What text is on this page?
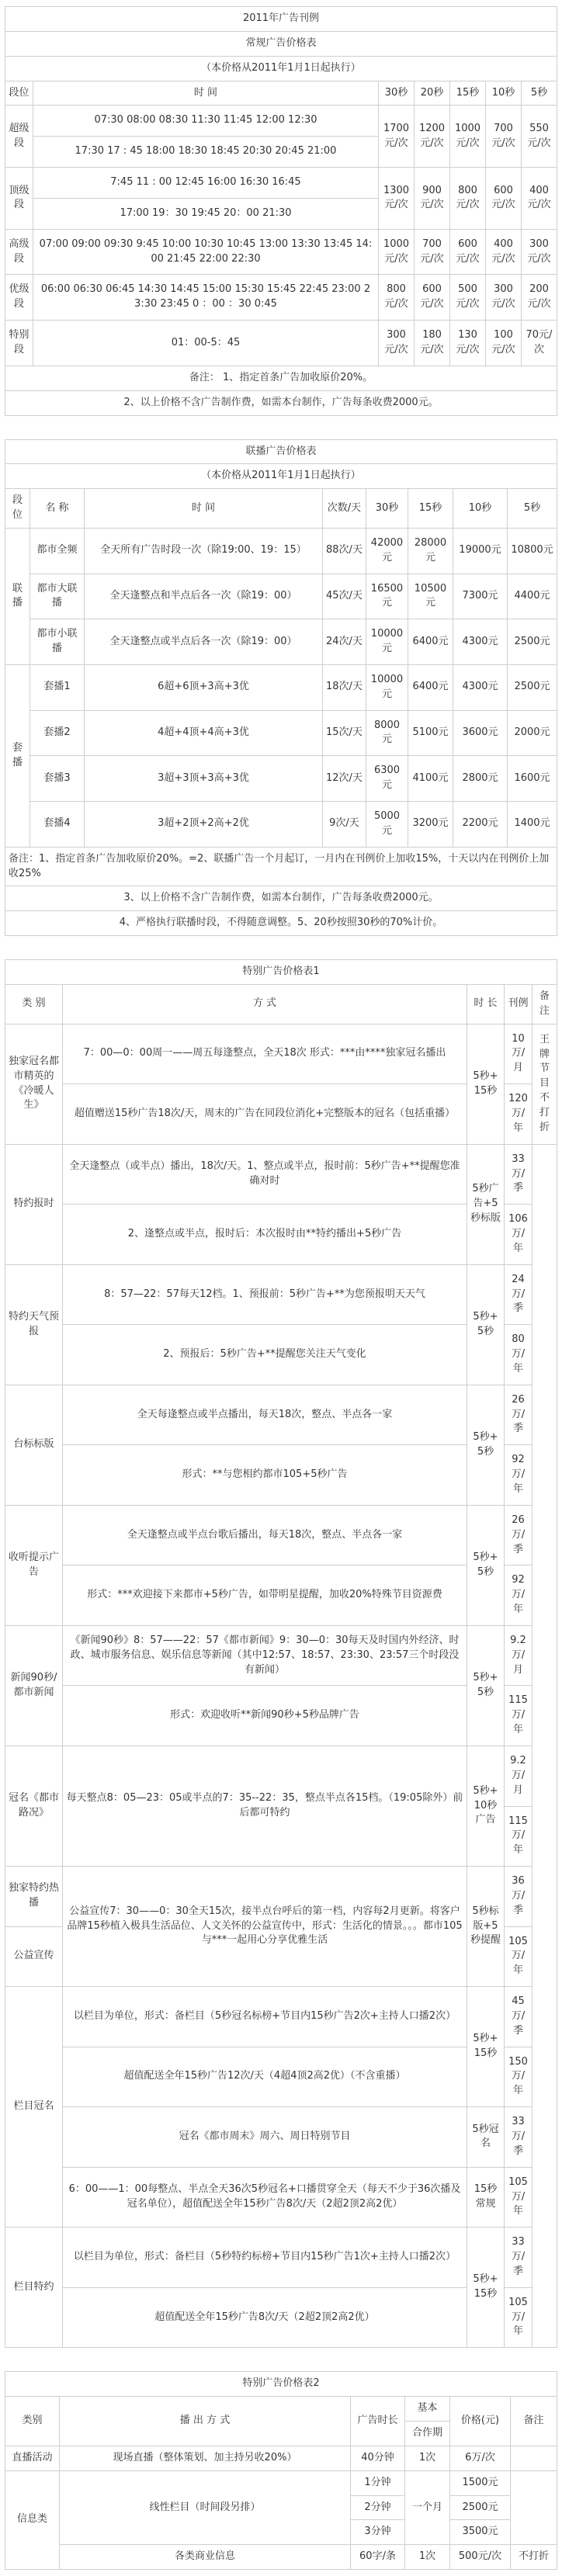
2011年广告刊例						
常规广告价格表						
（本价格从2011年1月1日起执行）						
段位	时 间	30秒	20秒	15秒	10秒	5秒
超级段	07:30 08:00 08:30 11:30 11:45 12:00 12:30	1700元/次	1200元/次	1000元/次	700元/次	550元/次
	17:30 17 : 45 18:00 18:30 18:45 20:30 20:45 21:00					
顶级段	7:45 11 : 00 12:45 16:00 16:30 16:45	1300元/次	900元/次	800元/次	600元/次	400元/次
	17:00 19：30 19:45 20：00 21:30					
高级段	07:00 09:00 09:30 9:45 10:00 10:30 10:45 13:00 13:30 13:45 14:00 21:45 22:00 22:30	1000元/次	700元/次	600元/次	400元/次	300元/次
优级段	06:00 06:30 06:45 14:30 14:45 15:00 15:30 15:45 22:45 23:00 23:30 23:45 0 ：00 ：30 0:45	800元/次	600元/次	500元/次	300元/次	200元/次
特别段	01：00-5：45	300元/次	180元/次	130元/次	100元/次	70元/次
备注： 1、指定首条广告加收原价20%。						
2、以上价格不含广告制作费，如需本台制作，广告每条收费2000元。						
联播广告价格表							
（本价格从2011年1月1日起执行）							
段位	名 称	时 间	次数/天	30秒	15秒	10秒	5秒
联播	都市全频	全天所有广告时段一次（除19:00、19：15）	88次/天	42000元	28000元	19000元	10800元
	都市大联播	全天逢整点和半点后各一次（除19：00）	45次/天	16500元	10500元	7300元	4400元
	都市小联播	全天逢整点或半点后各一次（除19：00）	24次/天	10000元	6400元	4300元	2500元
套播	套播1	6超+6顶+3高+3优	18次/天	10000元	6400元	4300元	2500元
	套播2	4超+4顶+4高+3优	15次/天	8000元	5100元	3600元	2000元
	套播3	3超+3顶+3高+3优	12次/天	6300元	4100元	2800元	1600元
	套播4	3超+2顶+2高+2优	9次/天	5000元	3200元	2200元	1400元
备注：1、指定首条广告加收原价20%。=2、联播广告一个月起订，一月内在刊例价上加收15%，十天以内在刊例价上加收25%							
3、以上价格不含广告制作费，如需本台制作，广告每条收费2000元。							
4、严格执行联播时段，不得随意调整。5、20秒按照30秒的70%计价。							
特别广告价格表1				
类 别	方 式	时 长	刊例	备注
独家冠名都市精英的《冷暖人生》	7：00—0：00周一——周五每逢整点，全天18次 形式：***由****独家冠名播出	5秒+15秒	10万/月	王牌节目不打折
	超值赠送15秒广告18次/天，周末的广告在同段位消化+完整版本的冠名（包括重播）		120万/年	
特约报时	全天逢整点（或半点）播出，18次/天。1、整点或半点，报时前：5秒广告+**提醒您准确对时	5秒广告+5秒标版	33万/季	
	2、逢整点或半点，报时后：本次报时由**特约播出+5秒广告		106万/年	
特约天气预报	8：57—22：57每天12档。1、预报前：5秒广告+**为您预报明天天气	5秒+5秒	24万/季	
	2、预报后：5秒广告+**提醒您关注天气变化		80万/年	
台标标版	全天每逢整点或半点播出，每天18次，整点、半点各一家	5秒+5秒	26万/季	
	形式：**与您相约都市105+5秒广告		92万/年	
收听提示广告	全天逢整点或半点台歌后播出，每天18次，整点、半点各一家	5秒+5秒	26万/季	
	形式：***欢迎接下来都市+5秒广告，如带明星提醒，加收20%特殊节目资源费		92万/年	
新闻90秒/都市新闻	《新闻90秒》8：57——22：57《都市新闻》9：30—0：30每天及时国内外经济、时政、城市服务信息、娱乐信息等新闻（其中12:57、18:57、23:30、23:57三个时段没有新闻）	5秒+5秒	9.2万/月	
	形式：欢迎收听**新闻90秒+5秒品牌广告		115万/年	
冠名《都市路况》	每天整点8：05—23：05或半点的7：35--22：35，整点半点各15档。（19:05除外）前后都可特约	5秒+10秒广告	9.2万/月	
			115万/年	
独家特约热播	公益宣传7：30——0：30全天15次，接半点台呼后的第一档，内容每2月更新。将客户品牌15秒植入极具生活品位、人文关怀的公益宣传中，形式：生活化的情景。。。都市105与***一起用心分享优雅生活	5秒标版+5秒提醒	36万/季	
公益宣传			105万/年	
栏目冠名	以栏目为单位，形式：备栏目（5秒冠名标榜+节目内15秒广告2次+主持人口播2次）	5秒+15秒	45万/季	
	超值配送全年15秒广告12次/天（4超4顶2高2优）（不含重播）		150万/年	
	冠名《都市周末》周六、周日特别节目	5秒冠名	33万/季	
	6：00——1：00每整点、半点全天36次5秒冠名+口播贯穿全天（每天不少于36次播及冠名单位），超值配送全年15秒广告8次/天（2超2顶2高2优）	15秒常规	105万/年	
栏目特约	以栏目为单位，形式：备栏目（5秒特约标榜+节目内15秒广告1次+主持人口播2次）	5秒+15秒	33万/季	
	超值配送全年15秒广告8次/天（2超2顶2高2优）		105万/年	
特别广告价格表2					
类别	播 出 方 式	广告时长	基本	价格(元)	备注
			合作期		
直播活动	现场直播（整体策划、加主持另收20%）	40分钟	1次	6万/次	
信息类	线性栏目（时间段另排）	1分钟	一个月	1500元	
		2分钟		2500元	
		3分钟		3500元	
	各类商业信息	60字/条	1次	500元/次	不打折
